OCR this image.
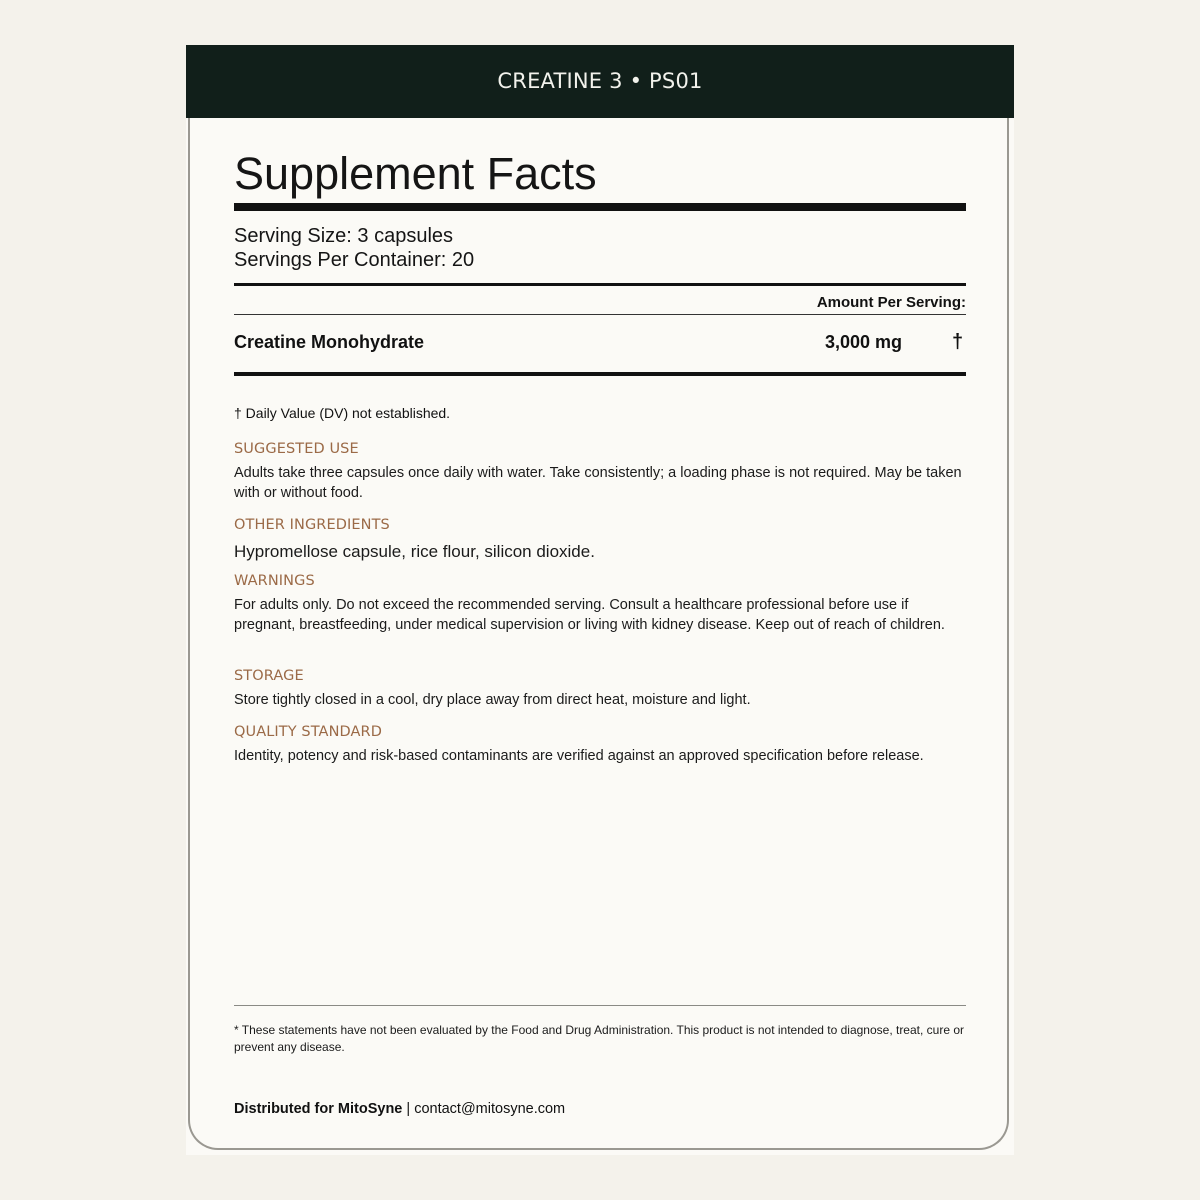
CREATINE 3 • PS01
Supplement Facts
Serving Size: 3 capsules
Servings Per Container: 20
Amount Per Serving:
Creatine Monohydrate	3,000 mg †
† Daily Value (DV) not established.
SUGGESTED USE
Adults take three capsules once daily with water. Take consistently; a loading phase is not required. May be taken with or without food.
OTHER INGREDIENTS
Hypromellose capsule, rice flour, silicon dioxide.
WARNINGS
For adults only. Do not exceed the recommended serving. Consult a healthcare professional before use if pregnant, breastfeeding, under medical supervision or living with kidney disease. Keep out of reach of children.
STORAGE
Store tightly closed in a cool, dry place away from direct heat, moisture and light.
QUALITY STANDARD
Identity, potency and risk-based contaminants are verified against an approved specification before release.
* These statements have not been evaluated by the Food and Drug Administration. This product is not intended to diagnose, treat, cure or prevent any disease.
Distributed for MitoSyne | contact@mitosyne.com
